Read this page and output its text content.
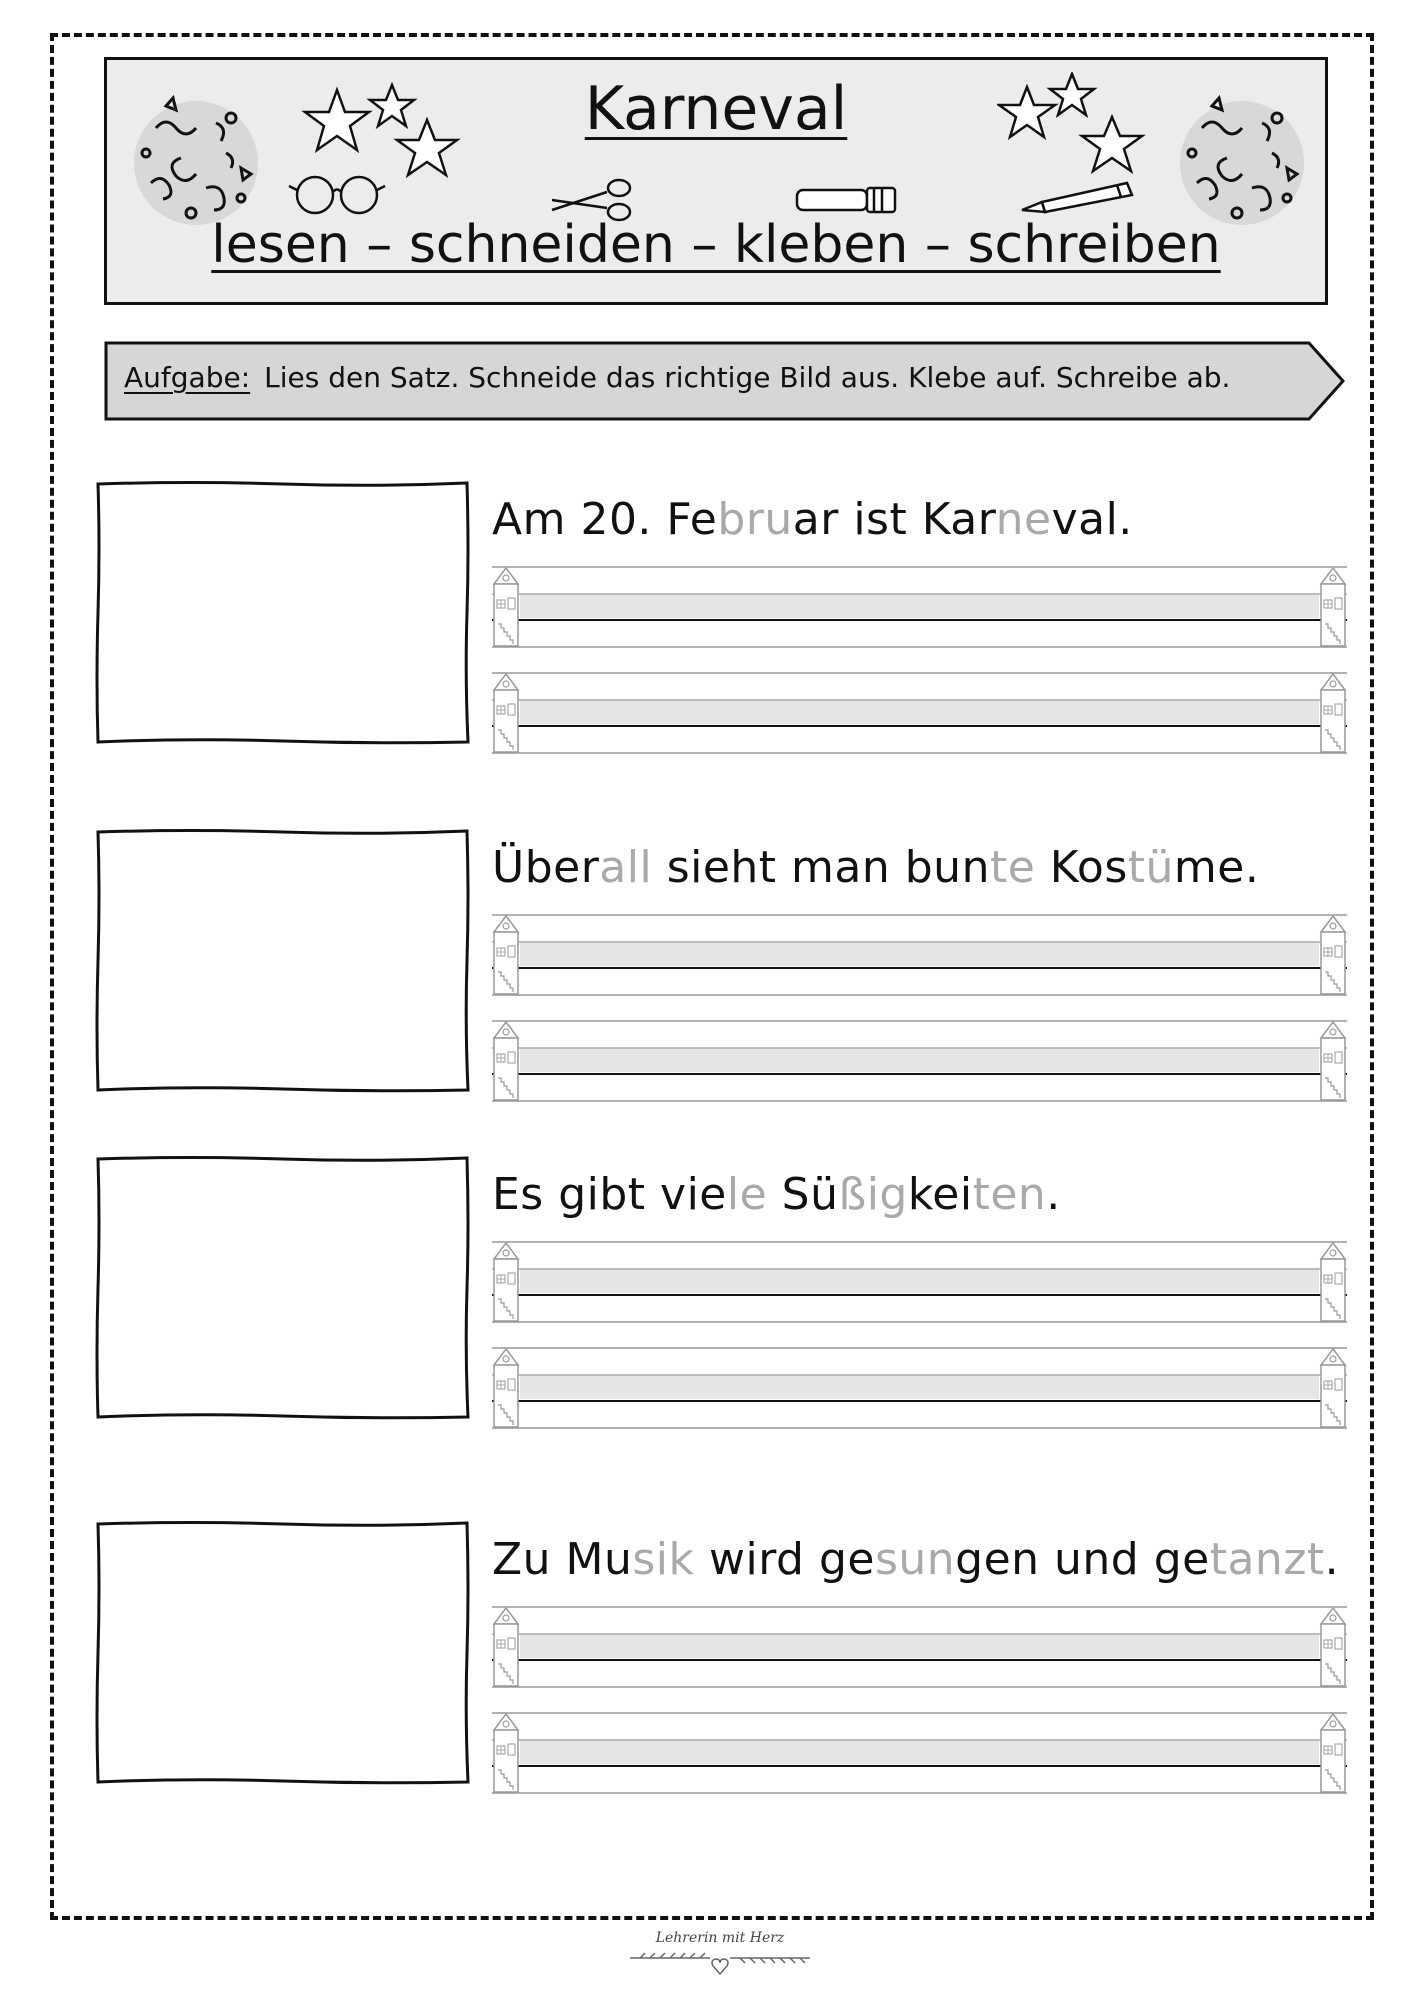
Karneval
lesen – schneiden – kleben – schreiben
Aufgabe: Lies den Satz. Schneide das richtige Bild aus. Klebe auf. Schreibe ab.
Am 20. Februar ist Karneval.
Überall sieht man bunte Kostüme.
Es gibt viele Süßigkeiten.
Zu Musik wird gesungen und getanzt.
Lehrerin mit Herz
